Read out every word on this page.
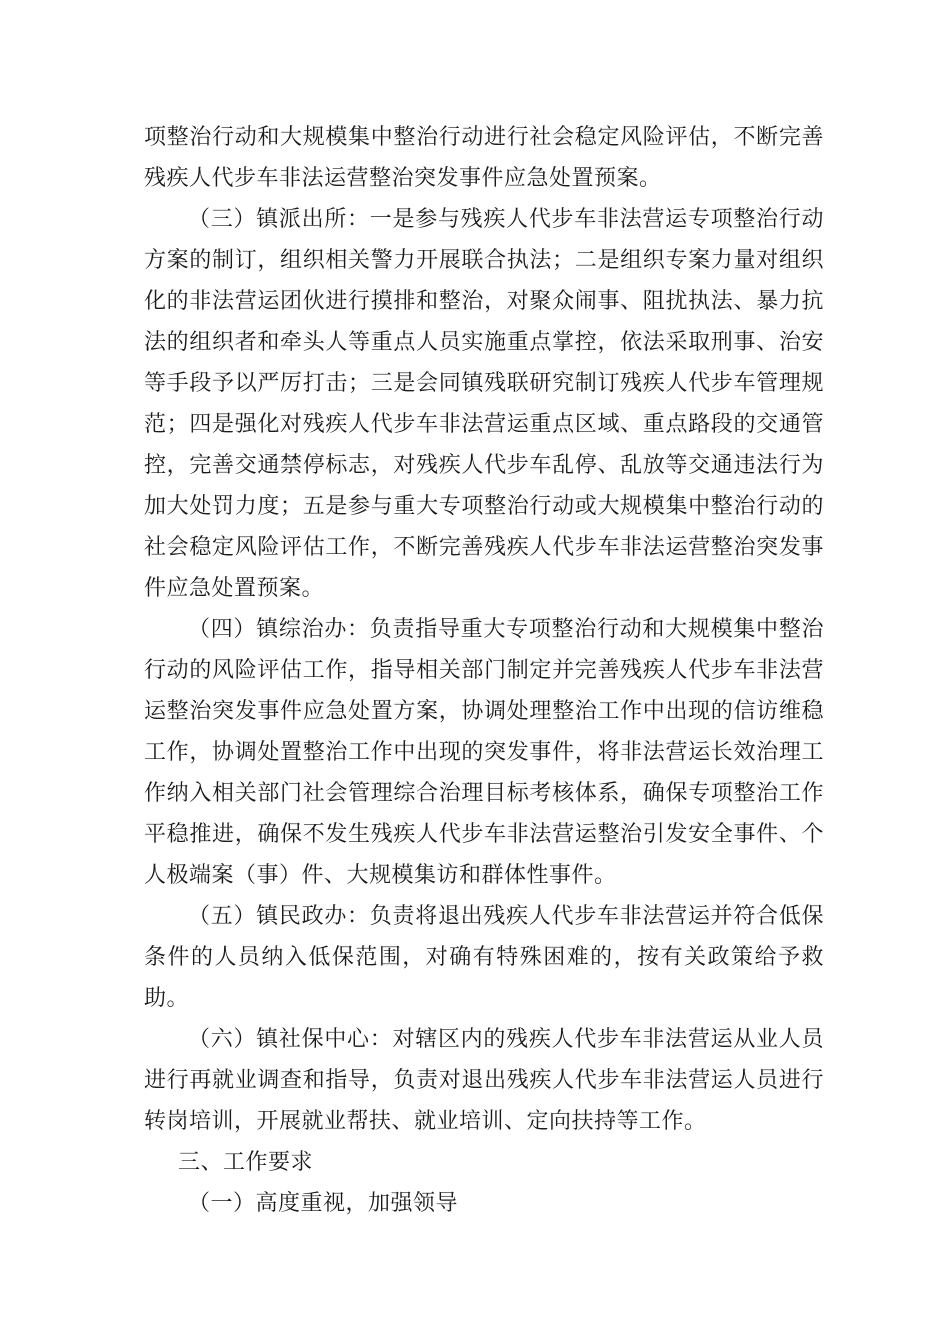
项整治行动和大规模集中整治行动进行社会稳定风险评估，不断完善残疾人代步车非法运营整治突发事件应急处置预案。

（三）镇派出所：一是参与残疾人代步车非法营运专项整治行动方案的制订，组织相关警力开展联合执法；二是组织专案力量对组织化的非法营运团伙进行摸排和整治，对聚众闹事、阻扰执法、暴力抗法的组织者和牵头人等重点人员实施重点掌控，依法采取刑事、治安等手段予以严厉打击；三是会同镇残联研究制订残疾人代步车管理规范；四是强化对残疾人代步车非法营运重点区域、重点路段的交通管控，完善交通禁停标志，对残疾人代步车乱停、乱放等交通违法行为加大处罚力度；五是参与重大专项整治行动或大规模集中整治行动的社会稳定风险评估工作，不断完善残疾人代步车非法运营整治突发事件应急处置预案。

（四）镇综治办：负责指导重大专项整治行动和大规模集中整治行动的风险评估工作，指导相关部门制定并完善残疾人代步车非法营运整治突发事件应急处置方案，协调处理整治工作中出现的信访维稳工作，协调处置整治工作中出现的突发事件，将非法营运长效治理工作纳入相关部门社会管理综合治理目标考核体系，确保专项整治工作平稳推进，确保不发生残疾人代步车非法营运整治引发安全事件、个人极端案（事）件、大规模集访和群体性事件。

（五）镇民政办：负责将退出残疾人代步车非法营运并符合低保条件的人员纳入低保范围，对确有特殊困难的，按有关政策给予救助。

（六）镇社保中心：对辖区内的残疾人代步车非法营运从业人员进行再就业调查和指导，负责对退出残疾人代步车非法营运人员进行转岗培训，开展就业帮扶、就业培训、定向扶持等工作。

三、工作要求

（一）高度重视，加强领导
